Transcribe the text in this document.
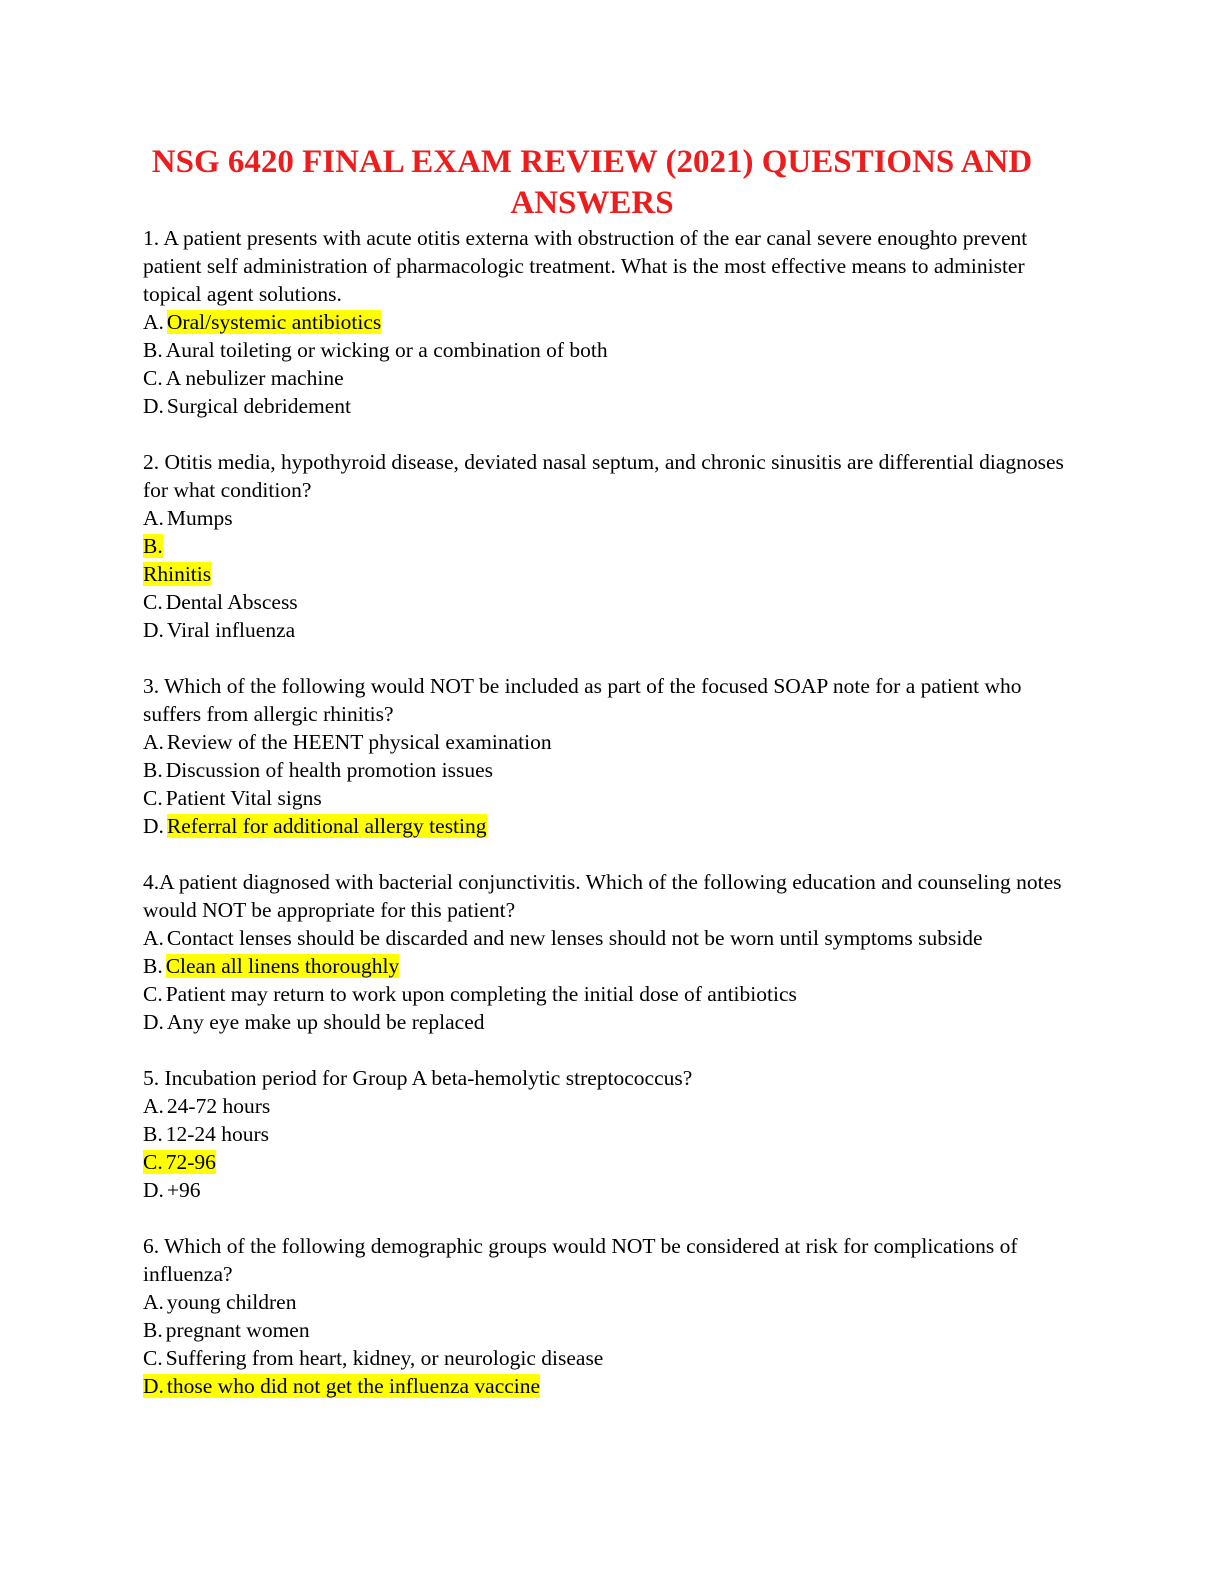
NSG 6420 FINAL EXAM REVIEW (2021) QUESTIONS AND ANSWERS
1. A patient presents with acute otitis externa with obstruction of the ear canal severe enoughto prevent patient self administration of pharmacologic treatment. What is the most effective means to administer topical agent solutions.
A. Oral/systemic antibiotics
B. Aural toileting or wicking or a combination of both
C. A nebulizer machine
D. Surgical debridement
2. Otitis media, hypothyroid disease, deviated nasal septum, and chronic sinusitis are differential diagnoses for what condition?
A. Mumps
B.
Rhinitis
C. Dental Abscess
D. Viral influenza
3. Which of the following would NOT be included as part of the focused SOAP note for a patient who suffers from allergic rhinitis?
A. Review of the HEENT physical examination
B. Discussion of health promotion issues
C. Patient Vital signs
D. Referral for additional allergy testing
4.A patient diagnosed with bacterial conjunctivitis. Which of the following education and counseling notes would NOT be appropriate for this patient?
A. Contact lenses should be discarded and new lenses should not be worn until symptoms subside
B. Clean all linens thoroughly
C. Patient may return to work upon completing the initial dose of antibiotics
D. Any eye make up should be replaced
5. Incubation period for Group A beta-hemolytic streptococcus?
A. 24-72 hours
B. 12-24 hours
C. 72-96
D. +96
6. Which of the following demographic groups would NOT be considered at risk for complications of influenza?
A. young children
B. pregnant women
C. Suffering from heart, kidney, or neurologic disease
D. those who did not get the influenza vaccine
